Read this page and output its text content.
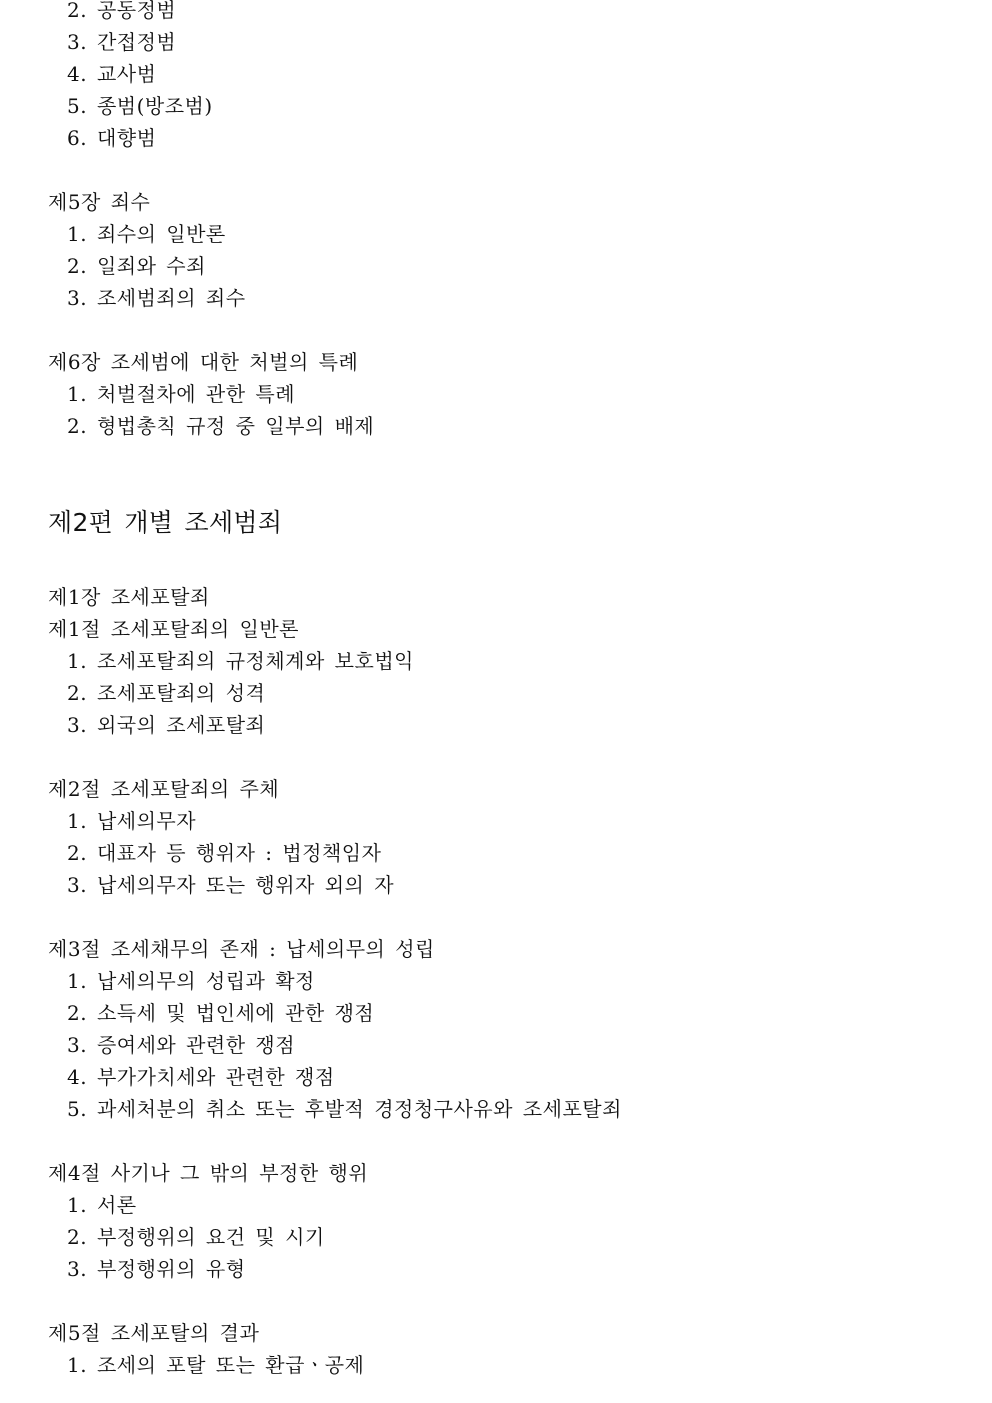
2. 공동정범
3. 간접정범
4. 교사범
5. 종범(방조범)
6. 대향범
제5장 죄수
1. 죄수의 일반론
2. 일죄와 수죄
3. 조세범죄의 죄수
제6장 조세범에 대한 처벌의 특례
1. 처벌절차에 관한 특례
2. 형법총칙 규정 중 일부의 배제
제2편 개별 조세범죄
제1장 조세포탈죄
제1절 조세포탈죄의 일반론
1. 조세포탈죄의 규정체계와 보호법익
2. 조세포탈죄의 성격
3. 외국의 조세포탈죄
제2절 조세포탈죄의 주체
1. 납세의무자
2. 대표자 등 행위자 : 법정책임자
3. 납세의무자 또는 행위자 외의 자
제3절 조세채무의 존재 : 납세의무의 성립
1. 납세의무의 성립과 확정
2. 소득세 및 법인세에 관한 쟁점
3. 증여세와 관련한 쟁점
4. 부가가치세와 관련한 쟁점
5. 과세처분의 취소 또는 후발적 경정청구사유와 조세포탈죄
제4절 사기나 그 밖의 부정한 행위
1. 서론
2. 부정행위의 요건 및 시기
3. 부정행위의 유형
제5절 조세포탈의 결과
1. 조세의 포탈 또는 환급ㆍ공제
